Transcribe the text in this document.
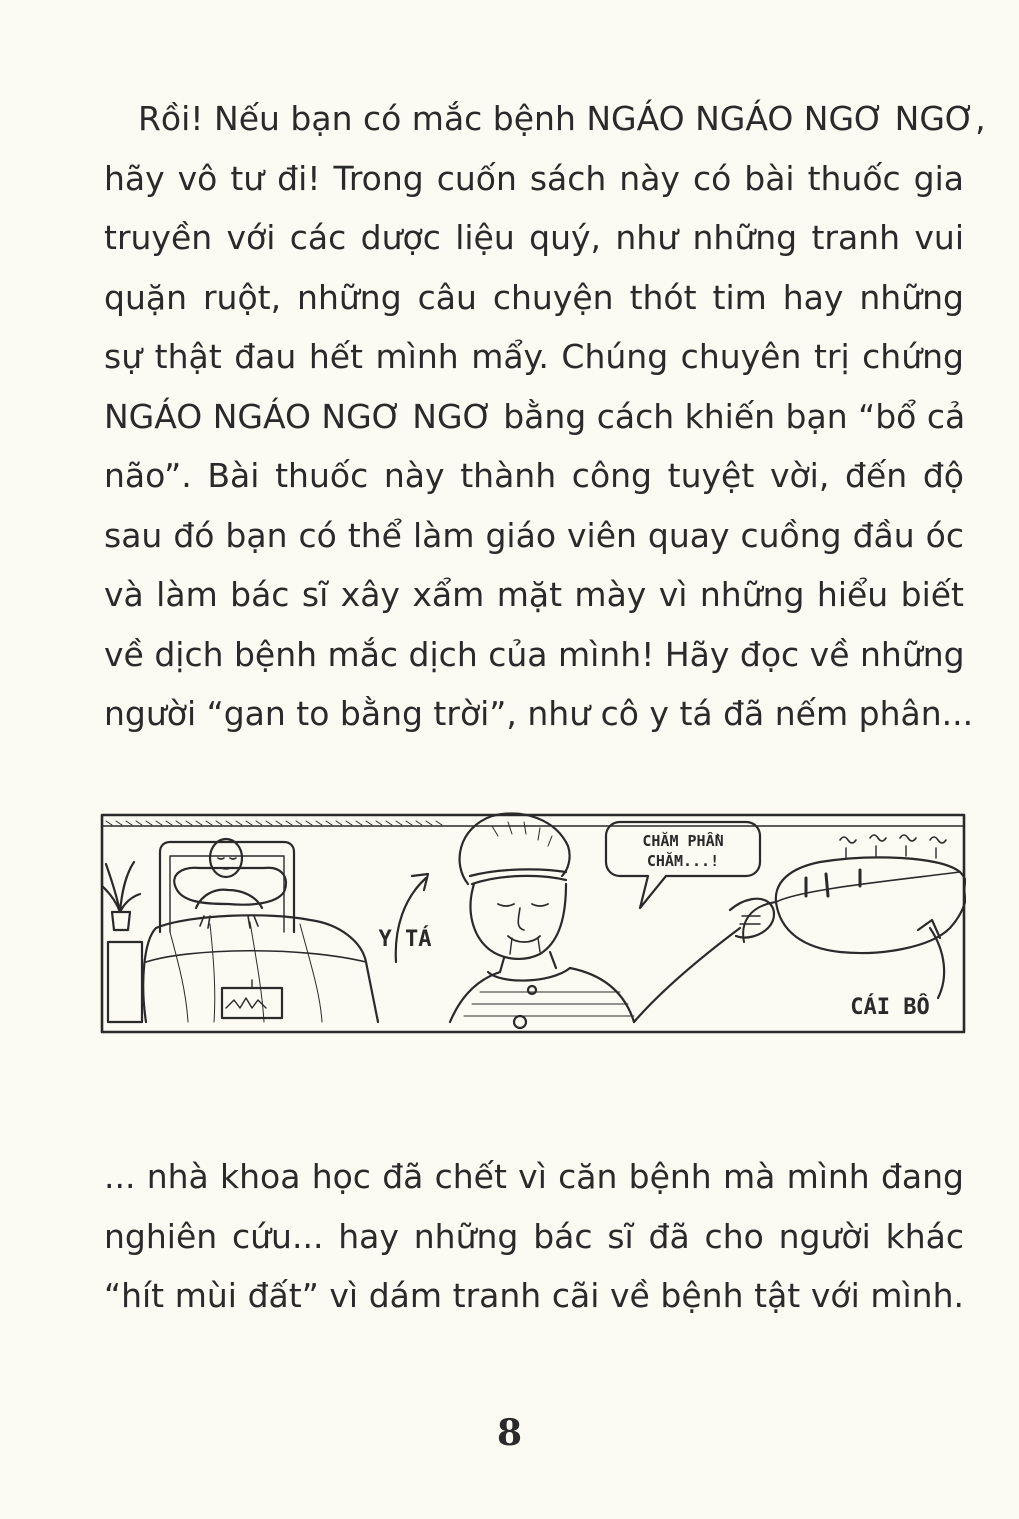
Rồi! Nếu bạn có mắc bệnh NGÁO NGÁO NGƠ NGƠ,
hãy vô tư đi! Trong cuốn sách này có bài thuốc gia
truyền với các dược liệu quý, như những tranh vui
quặn ruột, những câu chuyện thót tim hay những
sự thật đau hết mình mẩy. Chúng chuyên trị chứng
NGÁO NGÁO NGƠ NGƠ bằng cách khiến bạn “bổ cả
não”. Bài thuốc này thành công tuyệt vời, đến độ
sau đó bạn có thể làm giáo viên quay cuồng đầu óc
và làm bác sĩ xây xẩm mặt mày vì những hiểu biết
về dịch bệnh mắc dịch của mình! Hãy đọc về những
người “gan to bằng trời”, như cô y tá đã nếm phân...
CHĂM PHẦN
CHĂM...!
Y TÁ
CÁI BÔ
... nhà khoa học đã chết vì căn bệnh mà mình đang
nghiên cứu... hay những bác sĩ đã cho người khác
“hít mùi đất” vì dám tranh cãi về bệnh tật với mình.
8
